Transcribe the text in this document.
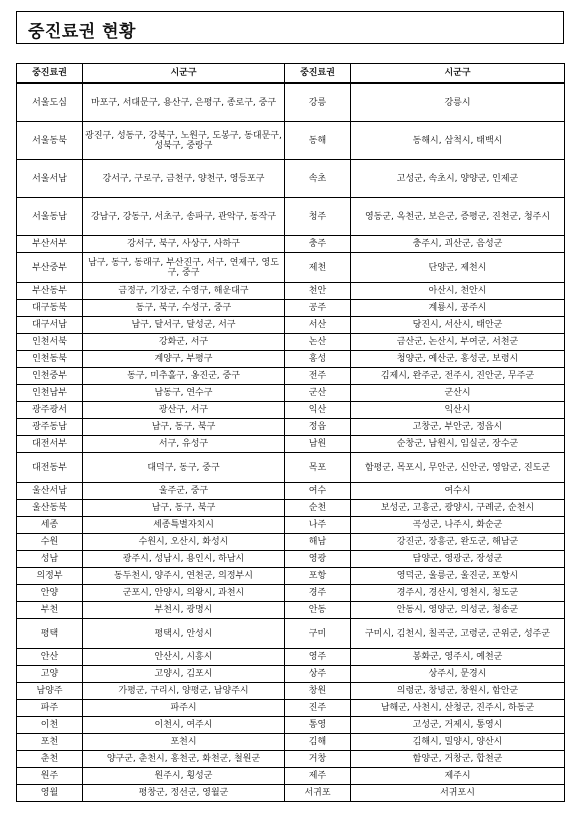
중진료권 현황
중진료권	시군구	중진료권	시군구
서울도심	마포구, 서대문구, 용산구, 은평구, 종로구, 중구	강릉	강릉시
서울동북	광진구, 성동구, 강북구, 노원구, 도봉구, 동대문구, 성북구, 중랑구	동해	동해시, 삼척시, 태백시
서울서남	강서구, 구로구, 금천구, 양천구, 영등포구	속초	고성군, 속초시, 양양군, 인제군
서울동남	강남구, 강동구, 서초구, 송파구, 관악구, 동작구	청주	영동군, 옥천군, 보은군, 증평군, 진천군, 청주시
부산서부	강서구, 북구, 사상구, 사하구	충주	충주시, 괴산군, 음성군
부산중부	남구, 동구, 동래구, 부산진구, 서구, 연제구, 영도구, 중구	제천	단양군, 제천시
부산동부	금정구, 기장군, 수영구, 해운대구	천안	아산시, 천안시
대구동북	동구, 북구, 수성구, 중구	공주	계룡시, 공주시
대구서남	남구, 달서구, 달성군, 서구	서산	당진시, 서산시, 태안군
인천서북	강화군, 서구	논산	금산군, 논산시, 부여군, 서천군
인천동북	계양구, 부평구	홍성	청양군, 예산군, 홍성군, 보령시
인천중부	동구, 미추홀구, 옹진군, 중구	전주	김제시, 완주군, 전주시, 진안군, 무주군
인천남부	남동구, 연수구	군산	군산시
광주광서	광산구, 서구	익산	익산시
광주동남	남구, 동구, 북구	정읍	고창군, 부안군, 정읍시
대전서부	서구, 유성구	남원	순창군, 남원시, 임실군, 장수군
대전동부	대덕구, 동구, 중구	목포	함평군, 목포시, 무안군, 신안군, 영암군, 진도군
울산서남	울주군, 중구	여수	여수시
울산동북	남구, 동구, 북구	순천	보성군, 고흥군, 광양시, 구례군, 순천시
세종	세종특별자치시	나주	곡성군, 나주시, 화순군
수원	수원시, 오산시, 화성시	해남	강진군, 장흥군, 완도군, 해남군
성남	광주시, 성남시, 용인시, 하남시	영광	담양군, 영광군, 장성군
의정부	동두천시, 양주시, 연천군, 의정부시	포항	영덕군, 울릉군, 울진군, 포항시
안양	군포시, 안양시, 의왕시, 과천시	경주	경주시, 경산시, 영천시, 청도군
부천	부천시, 광명시	안동	안동시, 영양군, 의성군, 청송군
평택	평택시, 안성시	구미	구미시, 김천시, 칠곡군, 고령군, 군위군, 성주군
안산	안산시, 시흥시	영주	봉화군, 영주시, 예천군
고양	고양시, 김포시	상주	상주시, 문경시
남양주	가평군, 구리시, 양평군, 남양주시	창원	의령군, 창녕군, 창원시, 함안군
파주	파주시	진주	남해군, 사천시, 산청군, 진주시, 하동군
이천	이천시, 여주시	통영	고성군, 거제시, 통영시
포천	포천시	김해	김해시, 밀양시, 양산시
춘천	양구군, 춘천시, 홍천군, 화천군, 철원군	거창	함양군, 거창군, 합천군
원주	원주시, 횡성군	제주	제주시
영월	평창군, 정선군, 영월군	서귀포	서귀포시
